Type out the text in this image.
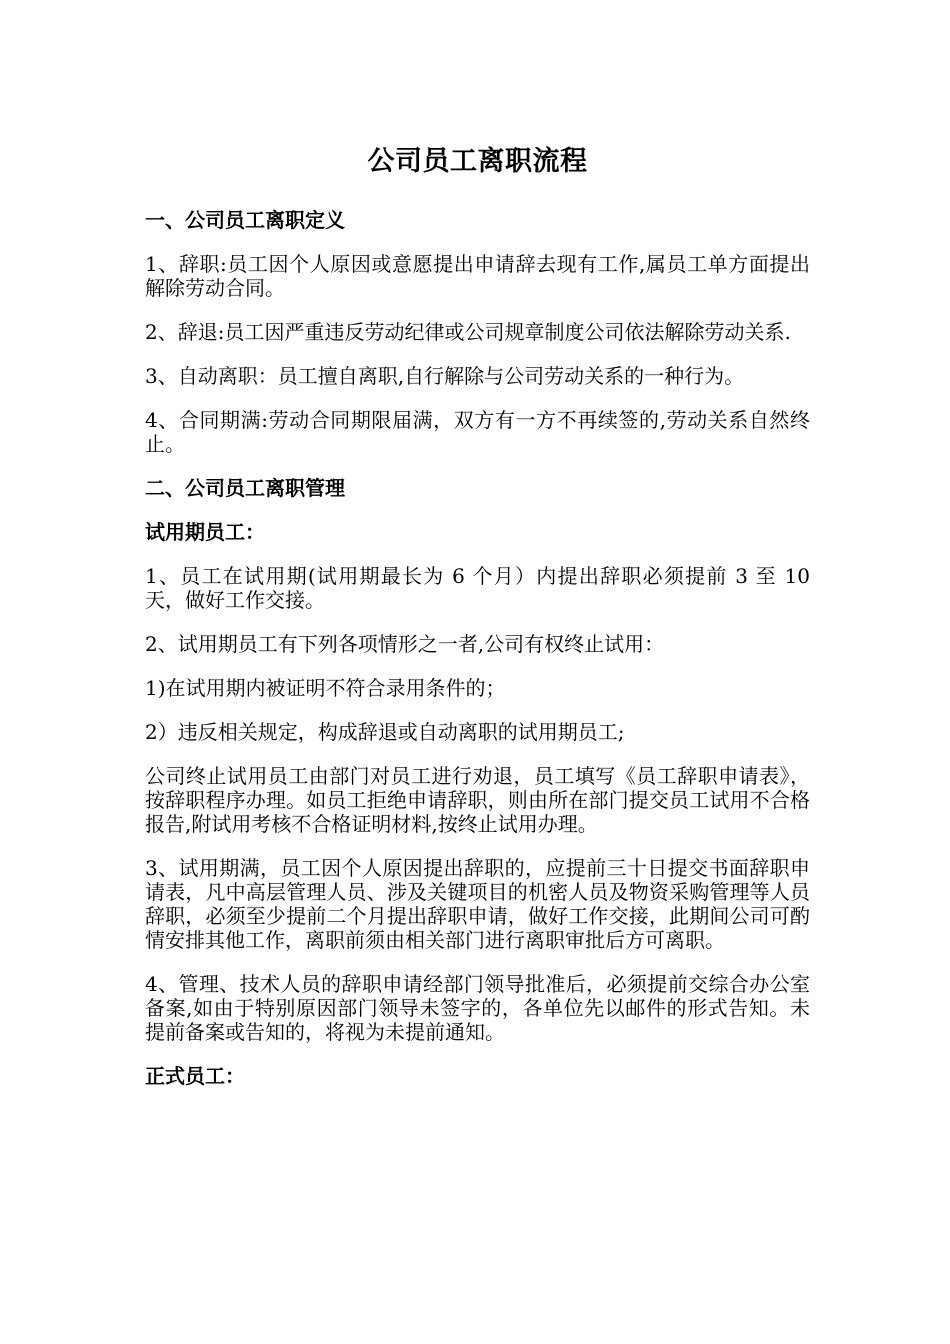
公司员工离职流程
一、公司员工离职定义
1、辞职:员工因个人原因或意愿提出申请辞去现有工作,属员工单方面提出解除劳动合同。
2、辞退:员工因严重违反劳动纪律或公司规章制度公司依法解除劳动关系.
3、自动离职：员工擅自离职,自行解除与公司劳动关系的一种行为。
4、合同期满:劳动合同期限届满，双方有一方不再续签的,劳动关系自然终止。
二、公司员工离职管理
试用期员工：
1、员工在试用期(试用期最长为 6 个月）内提出辞职必须提前 3 至 10 天，做好工作交接。
2、试用期员工有下列各项情形之一者,公司有权终止试用：
1)在试用期内被证明不符合录用条件的；
2）违反相关规定，构成辞退或自动离职的试用期员工;
公司终止试用员工由部门对员工进行劝退，员工填写《员工辞职申请表》，按辞职程序办理。如员工拒绝申请辞职，则由所在部门提交员工试用不合格报告,附试用考核不合格证明材料,按终止试用办理。
3、试用期满，员工因个人原因提出辞职的，应提前三十日提交书面辞职申请表，凡中高层管理人员、涉及关键项目的机密人员及物资采购管理等人员辞职，必须至少提前二个月提出辞职申请，做好工作交接，此期间公司可酌情安排其他工作，离职前须由相关部门进行离职审批后方可离职。
4、管理、技术人员的辞职申请经部门领导批准后，必须提前交综合办公室备案,如由于特别原因部门领导未签字的，各单位先以邮件的形式告知。未提前备案或告知的，将视为未提前通知。
正式员工：
